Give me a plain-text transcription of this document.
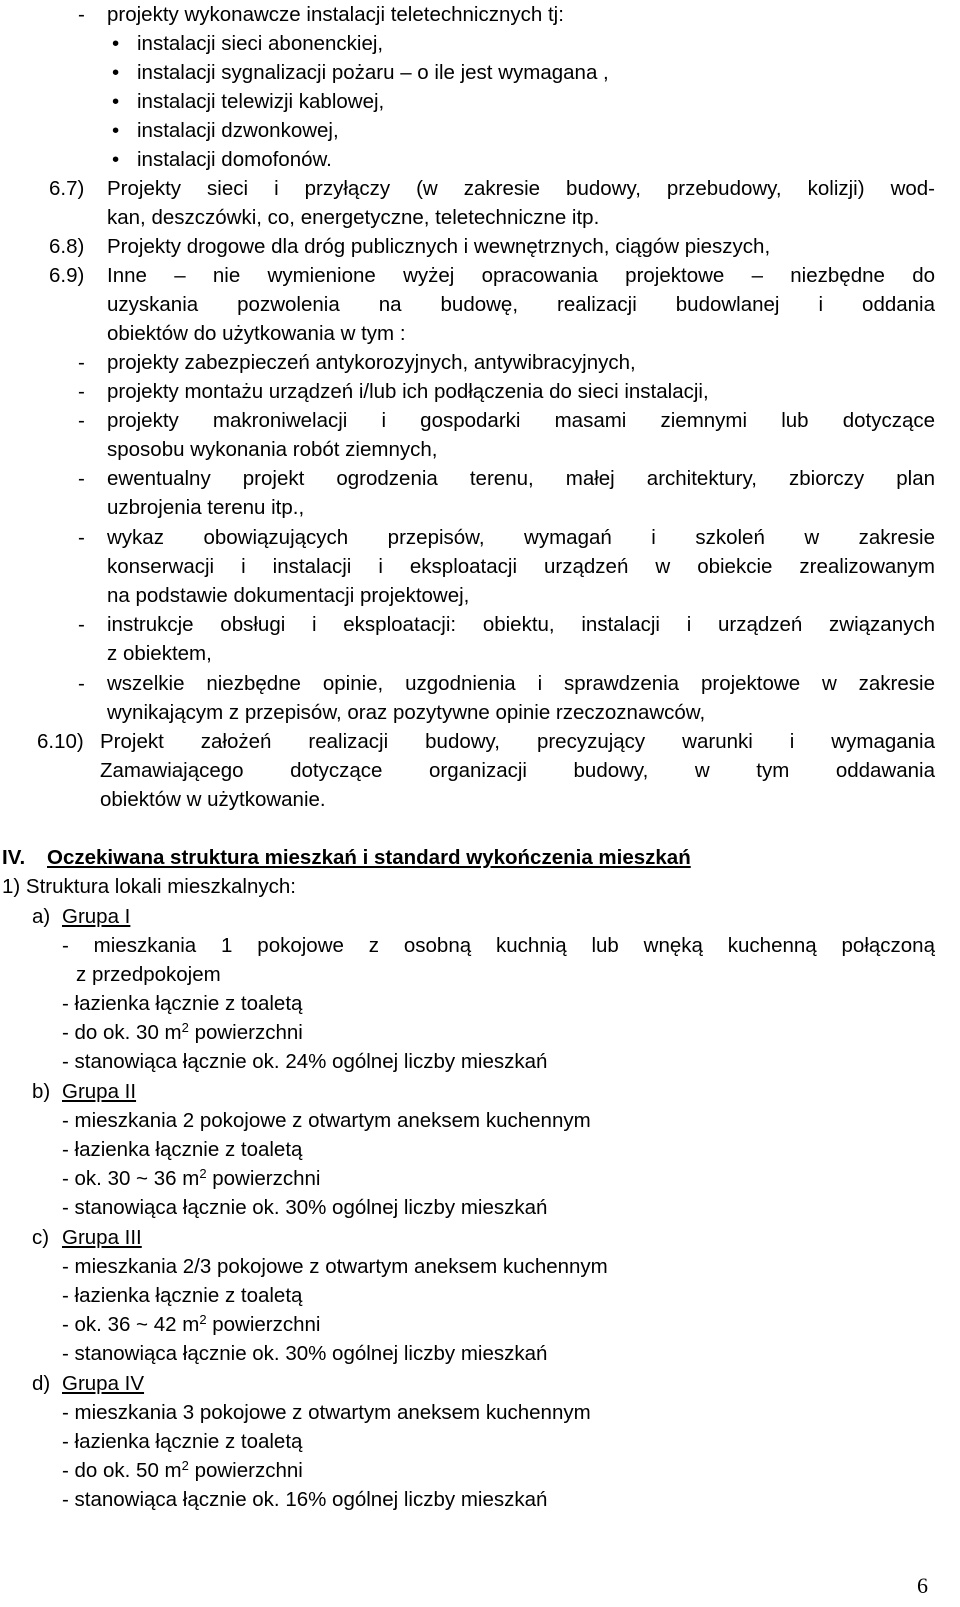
- projekty wykonawcze instalacji teletechnicznych tj:
• instalacji sieci abonenckiej,
• instalacji sygnalizacji pożaru – o ile jest wymagana ,
• instalacji telewizji kablowej,
• instalacji dzwonkowej,
• instalacji domofonów.
6.7) Projekty sieci i przyłączy (w zakresie budowy, przebudowy, kolizji) wod-
kan, deszczówki, co, energetyczne, teletechniczne itp.
6.8) Projekty drogowe dla dróg publicznych i wewnętrznych, ciągów pieszych,
6.9) Inne – nie wymienione wyżej opracowania projektowe – niezbędne do
uzyskania pozwolenia na budowę, realizacji budowlanej i oddania
obiektów do użytkowania w tym :
- projekty zabezpieczeń antykorozyjnych, antywibracyjnych,
- projekty montażu urządzeń i/lub ich podłączenia do sieci instalacji,
- projekty makroniwelacji i gospodarki masami ziemnymi lub dotyczące
sposobu wykonania robót ziemnych,
- ewentualny projekt ogrodzenia terenu, małej architektury, zbiorczy plan
uzbrojenia terenu itp.,
- wykaz obowiązujących przepisów, wymagań i szkoleń w zakresie
konserwacji i instalacji i eksploatacji urządzeń w obiekcie zrealizowanym
na podstawie dokumentacji projektowej,
- instrukcje obsługi i eksploatacji: obiektu, instalacji i urządzeń związanych
z obiektem,
- wszelkie niezbędne opinie, uzgodnienia i sprawdzenia projektowe w zakresie
wynikającym z przepisów, oraz pozytywne opinie rzeczoznawców,
6.10) Projekt założeń realizacji budowy, precyzujący warunki i wymagania
Zamawiającego dotyczące organizacji budowy, w tym oddawania
obiektów w użytkowanie.
IV. Oczekiwana struktura mieszkań i standard wykończenia mieszkań
1) Struktura lokali mieszkalnych:
a) Grupa I
- mieszkania 1 pokojowe z osobną kuchnią lub wnęką kuchenną połączoną
z przedpokojem
- łazienka łącznie z toaletą
- do ok. 30 $m^2$ powierzchni
- stanowiąca łącznie ok. 24% ogólnej liczby mieszkań
b) Grupa II
- mieszkania 2 pokojowe z otwartym aneksem kuchennym
- łazienka łącznie z toaletą
- ok. 30 ~ 36 $m^2$ powierzchni
- stanowiąca łącznie ok. 30% ogólnej liczby mieszkań
c) Grupa III
- mieszkania 2/3 pokojowe z otwartym aneksem kuchennym
- łazienka łącznie z toaletą
- ok. 36 ~ 42 $m^2$ powierzchni
- stanowiąca łącznie ok. 30% ogólnej liczby mieszkań
d) Grupa IV
- mieszkania 3 pokojowe z otwartym aneksem kuchennym
- łazienka łącznie z toaletą
- do ok. 50 $m^2$ powierzchni
- stanowiąca łącznie ok. 16% ogólnej liczby mieszkań
6
